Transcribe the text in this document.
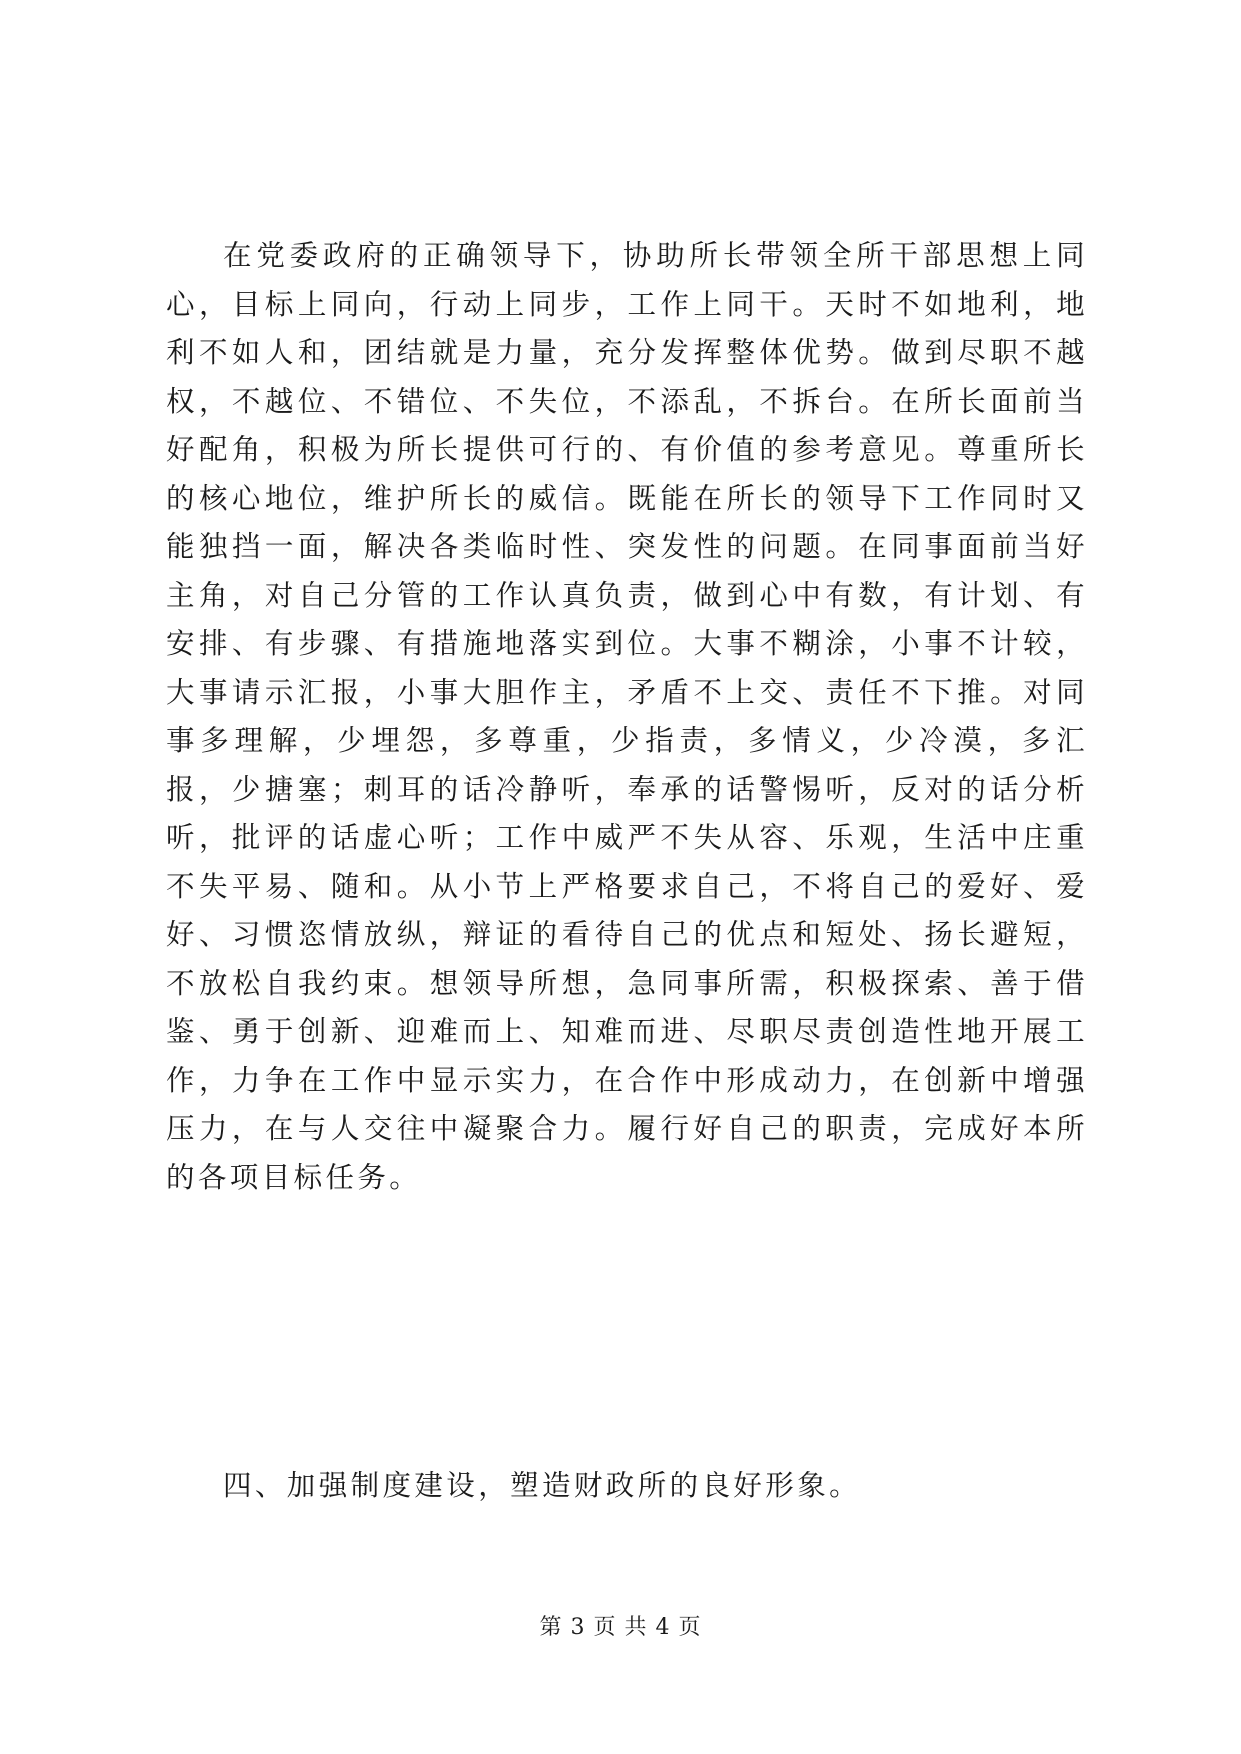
在党委政府的正确领导下，协助所长带领全所干部思想上同心，目标上同向，行动上同步，工作上同干。天时不如地利，地利不如人和，团结就是力量，充分发挥整体优势。做到尽职不越权，不越位、不错位、不失位，不添乱，不拆台。在所长面前当好配角，积极为所长提供可行的、有价值的参考意见。尊重所长的核心地位，维护所长的威信。既能在所长的领导下工作同时又能独挡一面，解决各类临时性、突发性的问题。在同事面前当好主角，对自己分管的工作认真负责，做到心中有数，有计划、有安排、有步骤、有措施地落实到位。大事不糊涂，小事不计较，大事请示汇报，小事大胆作主，矛盾不上交、责任不下推。对同事多理解，少埋怨，多尊重，少指责，多情义，少冷漠，多汇报，少搪塞；刺耳的话冷静听，奉承的话警惕听，反对的话分析听，批评的话虚心听；工作中威严不失从容、乐观，生活中庄重不失平易、随和。从小节上严格要求自己，不将自己的爱好、爱好、习惯恣情放纵，辩证的看待自己的优点和短处、扬长避短，不放松自我约束。想领导所想，急同事所需，积极探索、善于借鉴、勇于创新、迎难而上、知难而进、尽职尽责创造性地开展工作，力争在工作中显示实力，在合作中形成动力，在创新中增强压力，在与人交往中凝聚合力。履行好自己的职责，完成好本所的各项目标任务。

四、加强制度建设，塑造财政所的良好形象。

第 3 页 共 4 页
